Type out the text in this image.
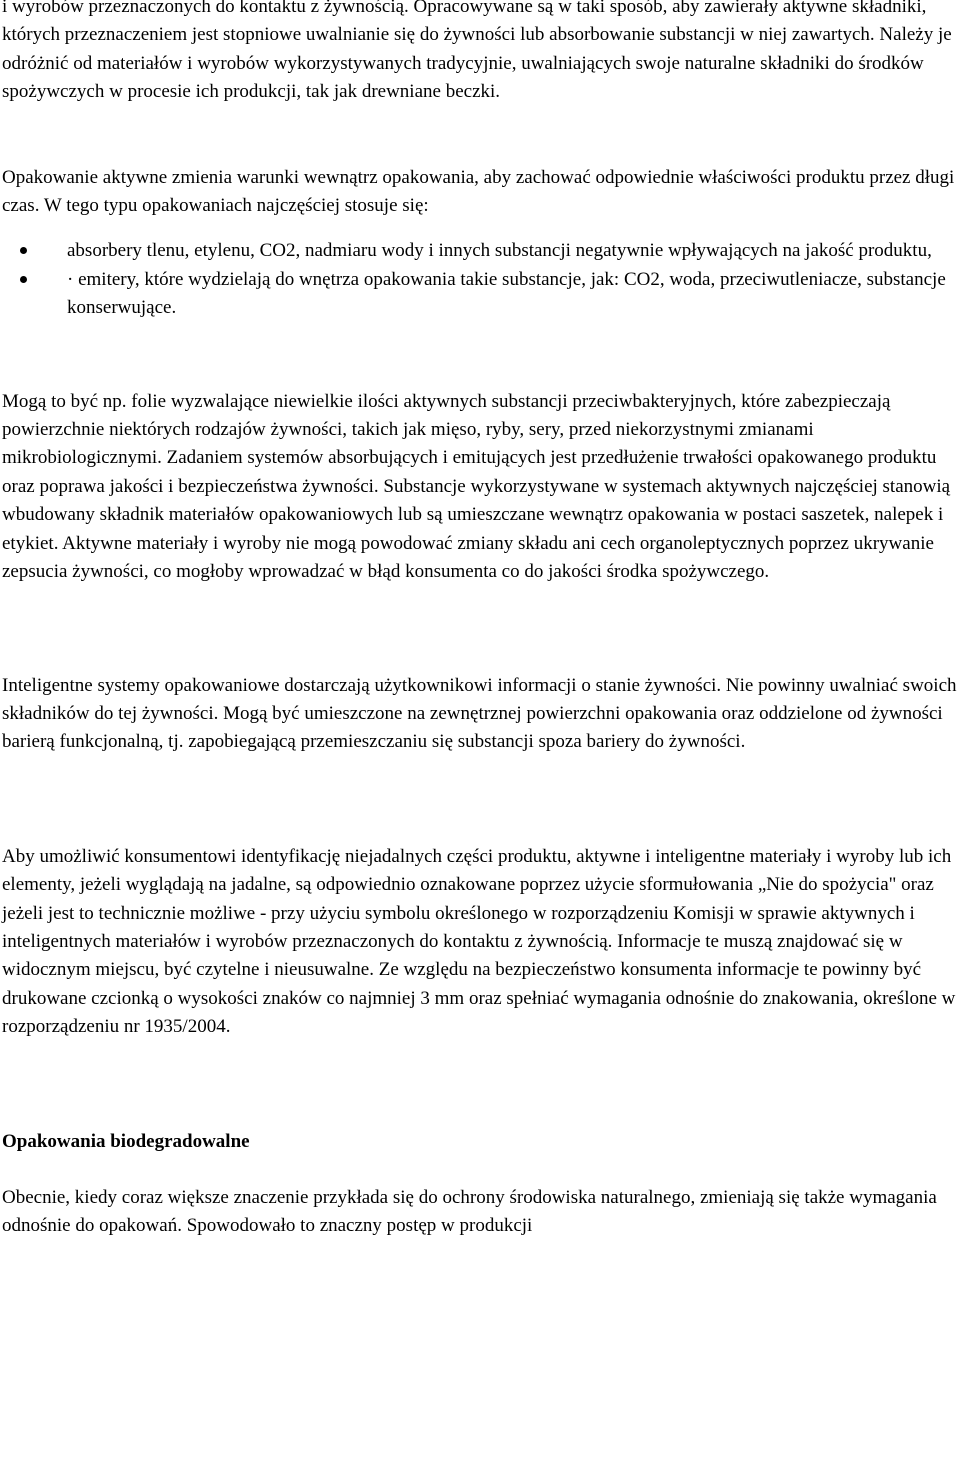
i wyrobów przeznaczonych do kontaktu z żywnością. Opracowywane są w taki sposób, aby zawierały aktywne składniki, których przeznaczeniem jest stopniowe uwalnianie się do żywności lub absorbowanie substancji w niej zawartych. Należy je odróżnić od materiałów i wyrobów wykorzystywanych tradycyjnie, uwalniających swoje naturalne składniki do środków spożywczych w procesie ich produkcji, tak jak drewniane beczki.

Opakowanie aktywne zmienia warunki wewnątrz opakowania, aby zachować odpowiednie właściwości produktu przez długi czas. W tego typu opakowaniach najczęściej stosuje się:

absorbery tlenu, etylenu, CO2, nadmiaru wody i innych substancji negatywnie wpływających na jakość produktu,
· emitery, które wydzielają do wnętrza opakowania takie substancje, jak: CO2, woda, przeciwutleniacze, substancje konserwujące.

Mogą to być np. folie wyzwalające niewielkie ilości aktywnych substancji przeciwbakteryjnych, które zabezpieczają powierzchnie niektórych rodzajów żywności, takich jak mięso, ryby, sery, przed niekorzystnymi zmianami mikrobiologicznymi. Zadaniem systemów absorbujących i emitujących jest przedłużenie trwałości opakowanego produktu oraz poprawa jakości i bezpieczeństwa żywności. Substancje wykorzystywane w systemach aktywnych najczęściej stanowią wbudowany składnik materiałów opakowaniowych lub są umieszczane wewnątrz opakowania w postaci saszetek, nalepek i etykiet. Aktywne materiały i wyroby nie mogą powodować zmiany składu ani cech organoleptycznych poprzez ukrywanie zepsucia żywności, co mogłoby wprowadzać w błąd konsumenta co do jakości środka spożywczego.

Inteligentne systemy opakowaniowe dostarczają użytkownikowi informacji o stanie żywności. Nie powinny uwalniać swoich składników do tej żywności. Mogą być umieszczone na zewnętrznej powierzchni opakowania oraz oddzielone od żywności barierą funkcjonalną, tj. zapobiegającą przemieszczaniu się substancji spoza bariery do żywności.

Aby umożliwić konsumentowi identyfikację niejadalnych części produktu, aktywne i inteligentne materiały i wyroby lub ich elementy, jeżeli wyglądają na jadalne, są odpowiednio oznakowane poprzez użycie sformułowania „Nie do spożycia" oraz jeżeli jest to technicznie możliwe - przy użyciu symbolu określonego w rozporządzeniu Komisji w sprawie aktywnych i inteligentnych materiałów i wyrobów przeznaczonych do kontaktu z żywnością. Informacje te muszą znajdować się w widocznym miejscu, być czytelne i nieusuwalne. Ze względu na bezpieczeństwo konsumenta informacje te powinny być drukowane czcionką o wysokości znaków co najmniej 3 mm oraz spełniać wymagania odnośnie do znakowania, określone w rozporządzeniu nr 1935/2004.

Opakowania biodegradowalne

Obecnie, kiedy coraz większe znaczenie przykłada się do ochrony środowiska naturalnego, zmieniają się także wymagania odnośnie do opakowań. Spowodowało to znaczny postęp w produkcji
